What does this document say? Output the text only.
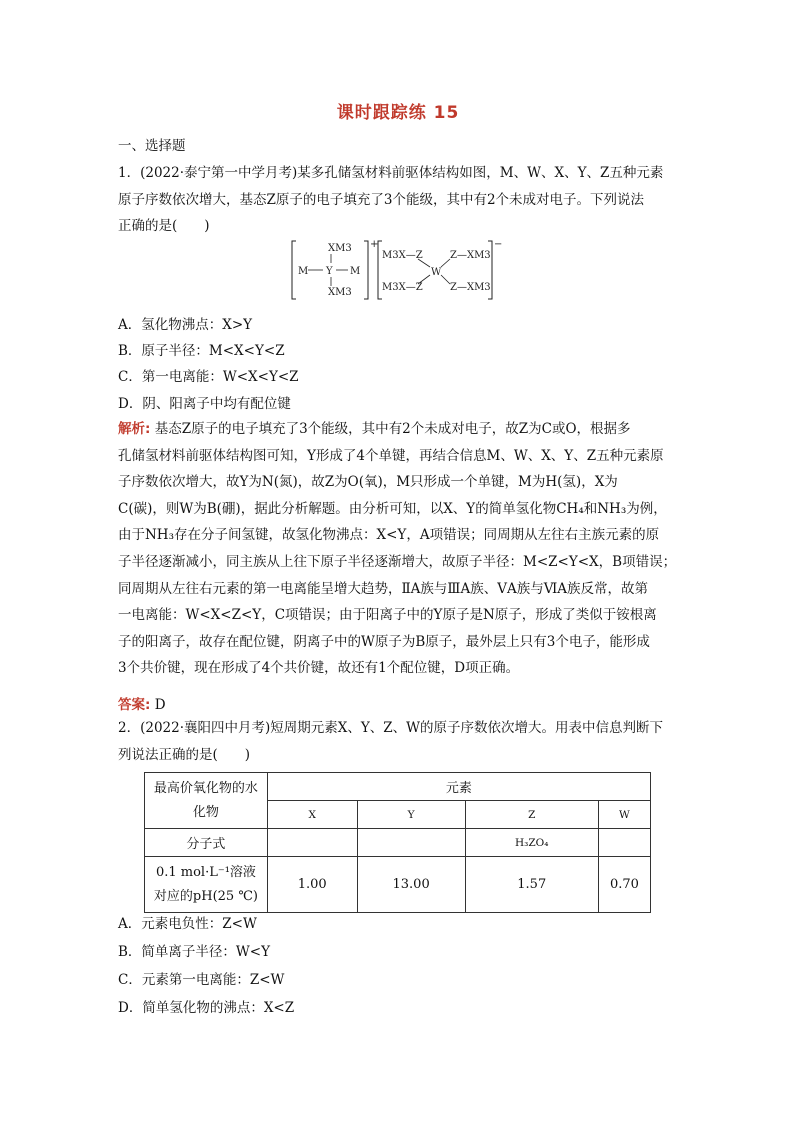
课时跟踪练 15
一、选择题
1．(2022·泰宁第一中学月考)某多孔储氢材料前驱体结构如图，M、W、X、Y、Z五种元素
原子序数依次增大，基态Z原子的电子填充了3个能级，其中有2个未成对电子。下列说法
正确的是(　　)
XM3
M Y M
XM3
+
M3X—Z
W
Z—XM3
M3X—Z	Z—XM3
−
A．氢化物沸点：X>Y
B．原子半径：M<X<Y<Z
C．第一电离能：W<X<Y<Z
D．阴、阳离子中均有配位键
解析: 基态Z原子的电子填充了3个能级，其中有2个未成对电子，故Z为C或O，根据多
孔储氢材料前驱体结构图可知，Y形成了4个单键，再结合信息M、W、X、Y、Z五种元素原
子序数依次增大，故Y为N(氮)，故Z为O(氧)，M只形成一个单键，M为H(氢)，X为
C(碳)，则W为B(硼)，据此分析解题。由分析可知，以X、Y的简单氢化物CH₄和NH₃为例，
由于NH₃存在分子间氢键，故氢化物沸点：X<Y，A项错误；同周期从左往右主族元素的原
子半径逐渐减小，同主族从上往下原子半径逐渐增大，故原子半径：M<Z<Y<X，B项错误；
同周期从左往右元素的第一电离能呈增大趋势，ⅡA族与ⅢA族、ⅤA族与ⅥA族反常，故第
一电离能：W<X<Z<Y，C项错误；由于阳离子中的Y原子是N原子，形成了类似于铵根离
子的阳离子，故存在配位键，阴离子中的W原子为B原子，最外层上只有3个电子，能形成
3个共价键，现在形成了4个共价键，故还有1个配位键，D项正确。
答案: D
2．(2022·襄阳四中月考)短周期元素X、Y、Z、W的原子序数依次增大。用表中信息判断下
列说法正确的是(　　)
最高价氧化物的水
化物	元素			
	X	Y	Z	W
分子式			H₃ZO₄	

0.1 mol·L⁻¹溶液
对应的pH(25 ℃)	1.00	13.00	1.57	0.70
A．元素电负性：Z<W
B．简单离子半径：W<Y
C．元素第一电离能：Z<W
D．简单氢化物的沸点：X<Z
